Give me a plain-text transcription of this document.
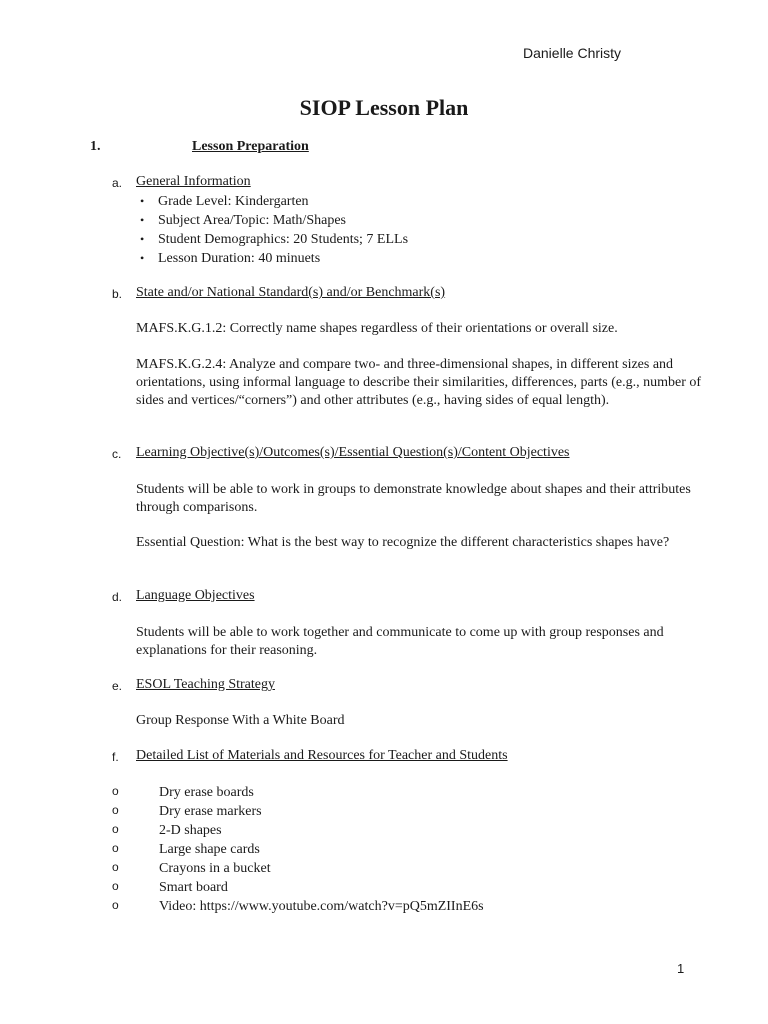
Danielle Christy
SIOP Lesson Plan
1.	Lesson Preparation
a. General Information
• Grade Level: Kindergarten
• Subject Area/Topic: Math/Shapes
• Student Demographics: 20 Students; 7 ELLs
• Lesson Duration: 40 minuets
b. State and/or National Standard(s) and/or Benchmark(s)
MAFS.K.G.1.2: Correctly name shapes regardless of their orientations or overall size.
MAFS.K.G.2.4: Analyze and compare two- and three-dimensional shapes, in different sizes and orientations, using informal language to describe their similarities, differences, parts (e.g., number of sides and vertices/“corners”) and other attributes (e.g., having sides of equal length).
c. Learning Objective(s)/Outcomes(s)/Essential Question(s)/Content Objectives
Students will be able to work in groups to demonstrate knowledge about shapes and their attributes through comparisons.
Essential Question: What is the best way to recognize the different characteristics shapes have?
d. Language Objectives
Students will be able to work together and communicate to come up with group responses and explanations for their reasoning.
e. ESOL Teaching Strategy
Group Response With a White Board
f. Detailed List of Materials and Resources for Teacher and Students
o	Dry erase boards
o	Dry erase markers
o	2-D shapes
o	Large shape cards
o	Crayons in a bucket
o	Smart board
o	Video: https://www.youtube.com/watch?v=pQ5mZIInE6s
1
